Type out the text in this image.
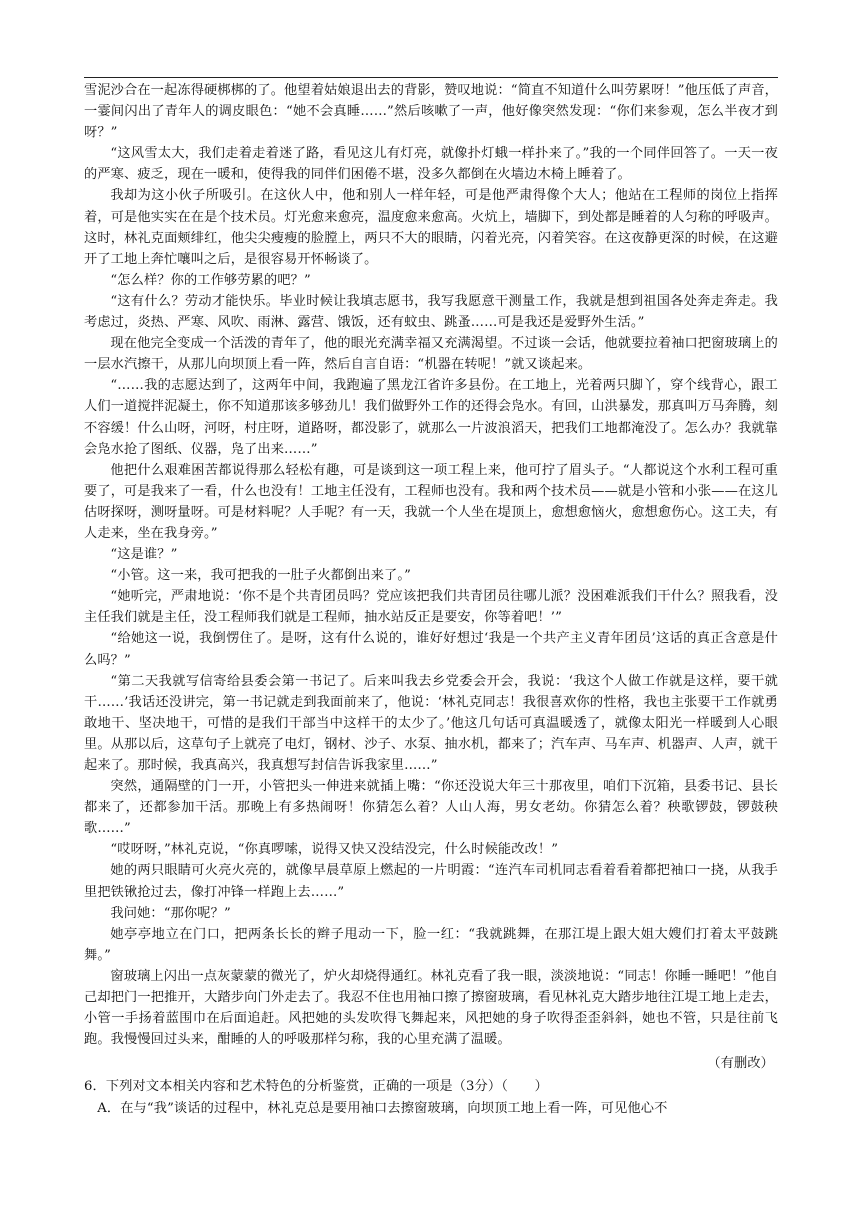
雪泥沙合在一起冻得硬梆梆的了。他望着姑娘退出去的背影，赞叹地说：“简直不知道什么叫劳累呀！”他压低了声音，一霎间闪出了青年人的调皮眼色：“她不会真睡……”然后咳嗽了一声，他好像突然发现：“你们来参观，怎么半夜才到呀？”

“这风雪太大，我们走着走着迷了路，看见这儿有灯亮，就像扑灯蛾一样扑来了。”我的一个同伴回答了。一天一夜的严寒、疲乏，现在一暖和，使得我的同伴们困倦不堪，没多久都倒在火墙边木椅上睡着了。

我却为这小伙子所吸引。在这伙人中，他和别人一样年轻，可是他严肃得像个大人；他站在工程师的岗位上指挥着，可是他实实在在是个技术员。灯光愈来愈亮，温度愈来愈高。火炕上，墙脚下，到处都是睡着的人匀称的呼吸声。这时，林礼克面颊绯红，他尖尖瘦瘦的脸膛上，两只不大的眼睛，闪着光亮，闪着笑容。在这夜静更深的时候，在这避开了工地上奔忙嚷叫之后，是很容易开怀畅谈了。

“怎么样？你的工作够劳累的吧？”

“这有什么？劳动才能快乐。毕业时候让我填志愿书，我写我愿意干测量工作，我就是想到祖国各处奔走奔走。我考虑过，炎热、严寒、风吹、雨淋、露营、饿饭，还有蚊虫、跳蚤……可是我还是爱野外生活。”

现在他完全变成一个活泼的青年了，他的眼光充满幸福又充满渴望。不过谈一会话，他就要拉着袖口把窗玻璃上的一层水汽擦干，从那儿向坝顶上看一阵，然后自言自语：“机器在转呢！”就又谈起来。

“……我的志愿达到了，这两年中间，我跑遍了黑龙江省许多县份。在工地上，光着两只脚丫，穿个线背心，跟工人们一道搅拌泥凝土，你不知道那该多够劲儿！我们做野外工作的还得会凫水。有回，山洪暴发，那真叫万马奔腾，刻不容缓！什么山呀，河呀，村庄呀，道路呀，都没影了，就那么一片波浪滔天，把我们工地都淹没了。怎么办？我就靠会凫水抢了图纸、仪器，凫了出来……”

他把什么艰难困苦都说得那么轻松有趣，可是谈到这一项工程上来，他可拧了眉头子。“人都说这个水利工程可重要了，可是我来了一看，什么也没有！工地主任没有，工程师也没有。我和两个技术员——就是小管和小张——在这儿估呀探呀，测呀量呀。可是材料呢？人手呢？有一天，我就一个人坐在堤顶上，愈想愈恼火，愈想愈伤心。这工夫，有人走来，坐在我身旁。”

“这是谁？”

“小管。这一来，我可把我的一肚子火都倒出来了。”

“她听完，严肃地说：‘你不是个共青团员吗？党应该把我们共青团员往哪儿派？没困难派我们干什么？照我看，没主任我们就是主任，没工程师我们就是工程师，抽水站反正是要安，你等着吧！’”

“给她这一说，我倒愣住了。是呀，这有什么说的，谁好好想过‘我是一个共产主义青年团员’这话的真正含意是什么吗？”

“第二天我就写信寄给县委会第一书记了。后来叫我去乡党委会开会，我说：‘我这个人做工作就是这样，要干就干……’我话还没讲完，第一书记就走到我面前来了，他说：‘林礼克同志！我很喜欢你的性格，我也主张要干工作就勇敢地干、坚决地干，可惜的是我们干部当中这样干的太少了。’他这几句话可真温暖透了，就像太阳光一样暖到人心眼里。从那以后，这草句子上就亮了电灯，钢材、沙子、水泵、抽水机，都来了；汽车声、马车声、机器声、人声，就干起来了。那时候，我真高兴，我真想写封信告诉我家里……”

突然，通隔壁的门一开，小管把头一伸进来就插上嘴：“你还没说大年三十那夜里，咱们下沉箱，县委书记、县长都来了，还都参加干活。那晚上有多热闹呀！你猜怎么着？人山人海，男女老幼。你猜怎么着？秧歌锣鼓，锣鼓秧歌……”

“哎呀呀，”林礼克说，“你真啰嗦，说得又快又没结没完，什么时候能改改！”

她的两只眼睛可火亮火亮的，就像早晨草原上燃起的一片明霞：“连汽车司机同志看着看着都把袖口一挠，从我手里把铁锹抢过去，像打冲锋一样跑上去……”

我问她：“那你呢？”

她亭亭地立在门口，把两条长长的辫子甩动一下，脸一红：“我就跳舞，在那江堤上跟大姐大嫂们打着太平鼓跳舞。”

窗玻璃上闪出一点灰蒙蒙的微光了，炉火却烧得通红。林礼克看了我一眼，淡淡地说：“同志！你睡一睡吧！”他自己却把门一把推开，大踏步向门外走去了。我忍不住也用袖口擦了擦窗玻璃，看见林礼克大踏步地往江堤工地上走去，小管一手扬着蓝围巾在后面追赶。风把她的头发吹得飞舞起来，风把她的身子吹得歪歪斜斜，她也不管，只是往前飞跑。我慢慢回过头来，酣睡的人的呼吸那样匀称，我的心里充满了温暖。

（有删改）

6．下列对文本相关内容和艺术特色的分析鉴赏，正确的一项是（3分）（　　）

A．在与“我”谈话的过程中，林礼克总是要用袖口去擦窗玻璃，向坝顶工地上看一阵，可见他心不
